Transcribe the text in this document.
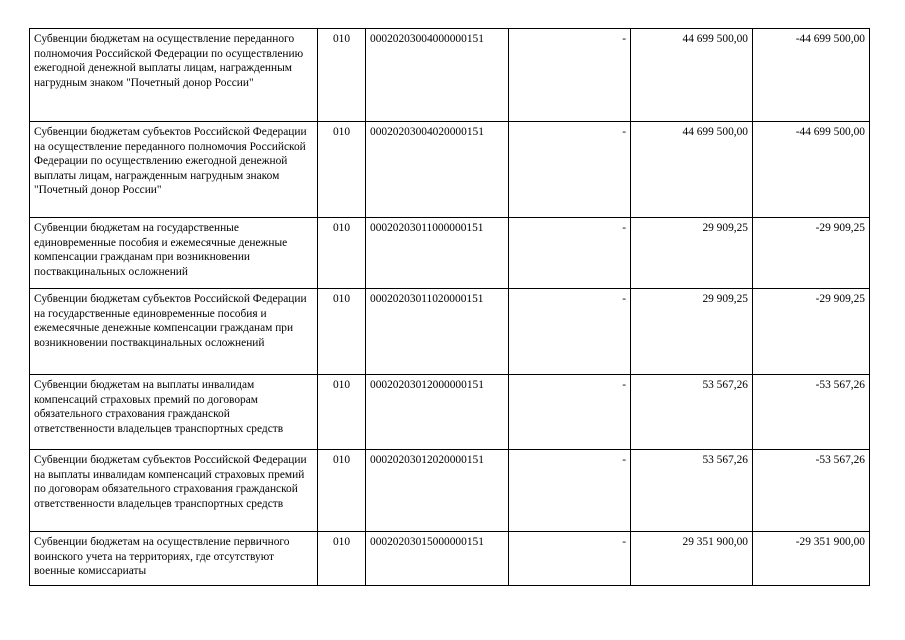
Субвенции бюджетам на осуществление переданного полномочия Российской Федерации по осуществлению ежегодной денежной выплаты лицам, награжденным нагрудным знаком "Почетный донор России"	010	00020203004000000151	-	44 699 500,00	-44 699 500,00
Субвенции бюджетам субъектов Российской Федерации на осуществление переданного полномочия Российской Федерации по осуществлению ежегодной денежной выплаты лицам, награжденным нагрудным знаком "Почетный донор России"	010	00020203004020000151	-	44 699 500,00	-44 699 500,00
Субвенции бюджетам на государственные единовременные пособия и ежемесячные денежные компенсации гражданам при возникновении поствакцинальных осложнений	010	00020203011000000151	-	29 909,25	-29 909,25
Субвенции бюджетам субъектов Российской Федерации на государственные единовременные пособия и ежемесячные денежные компенсации гражданам при возникновении поствакцинальных осложнений	010	00020203011020000151	-	29 909,25	-29 909,25
Субвенции бюджетам на выплаты инвалидам компенсаций страховых премий по договорам обязательного страхования гражданской ответственности владельцев транспортных средств	010	00020203012000000151	-	53 567,26	-53 567,26
Субвенции бюджетам субъектов Российской Федерации на выплаты инвалидам компенсаций страховых премий по договорам обязательного страхования гражданской ответственности владельцев транспортных средств	010	00020203012020000151	-	53 567,26	-53 567,26
Субвенции бюджетам на осуществление первичного воинского учета на территориях, где отсутствуют военные комиссариаты	010	00020203015000000151	-	29 351 900,00	-29 351 900,00
